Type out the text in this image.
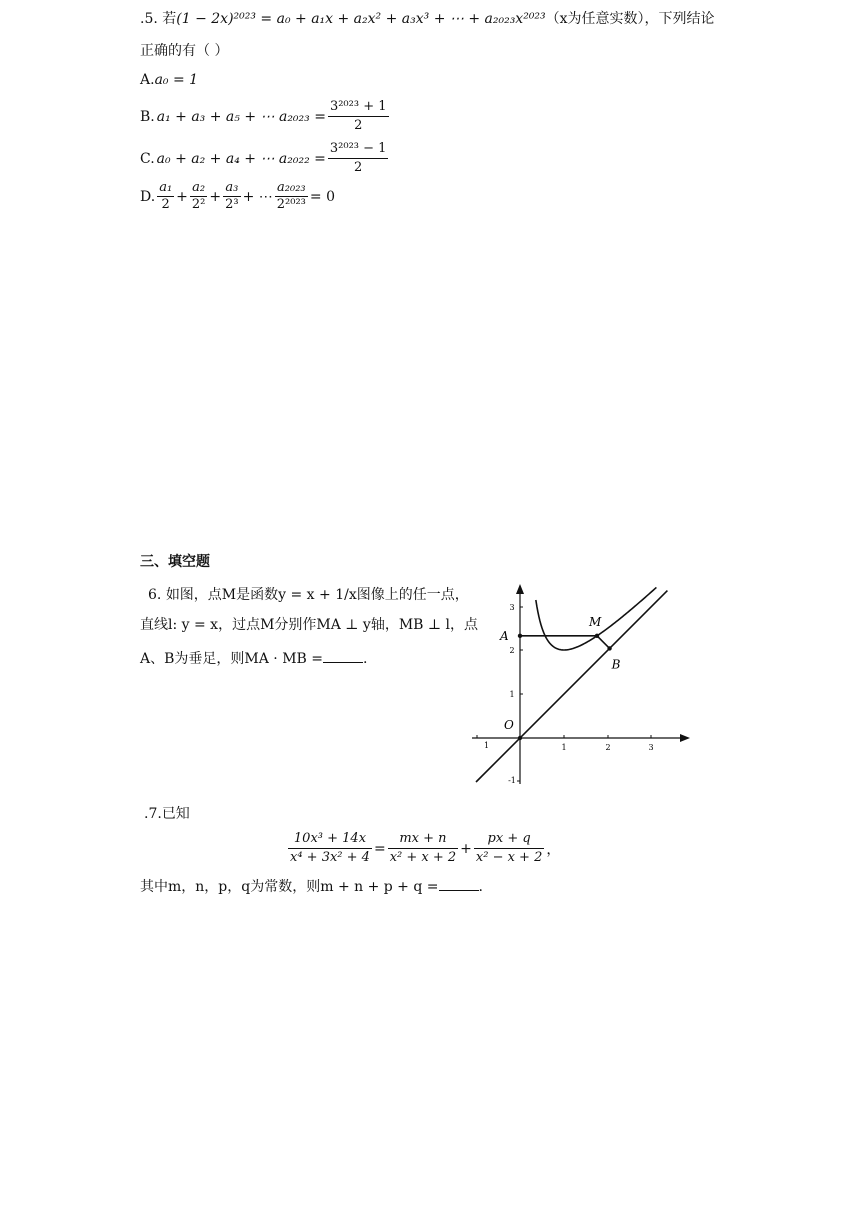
.5. 若(1 − 2x)²⁰²³ = a₀ + a₁x + a₂x² + a₃x³ + ⋯ + a₂₀₂₃x²⁰²³（x为任意实数），下列结论
正确的有（ ）
A.a₀ = 1
B. a₁ + a₃ + a₅ + ⋯ $a_{2023} = \frac{\text{3²⁰²³ + 1}}{2}$
C. a₀ + a₂ + a₄ + ⋯ $a_{2022} = \frac{\text{3²⁰²³ − 1}}{2}$
D. $\frac{\text{a₁}}{2} + \frac{\text{a₂}}{\text{2²}} + \frac{\text{a₃}}{\text{2³}}$ + ⋯ $\frac{\text{a₂₀₂₃}}{\text{2²⁰²³}} = 0$
三、填空题
6. 如图，点M是函数y = x + 1/x图像上的任一点，
直线l: y = x，过点M分别作MA ⊥ y轴，MB ⊥ l，点
A、B为垂足，则MA · MB =	.
1	1	2	3
1
2
3
-1
M
A
B
O
.7.已知
$\frac{\text{10x³ + 14x}}{\text{x⁴ + 3x² + 4}} = \frac{mx + n}{\text{x² + x + 2}} + \frac{px + q}{\text{x² − x + 2}}$ ，
其中m，n，p，q为常数，则m + n + p + q =	.
